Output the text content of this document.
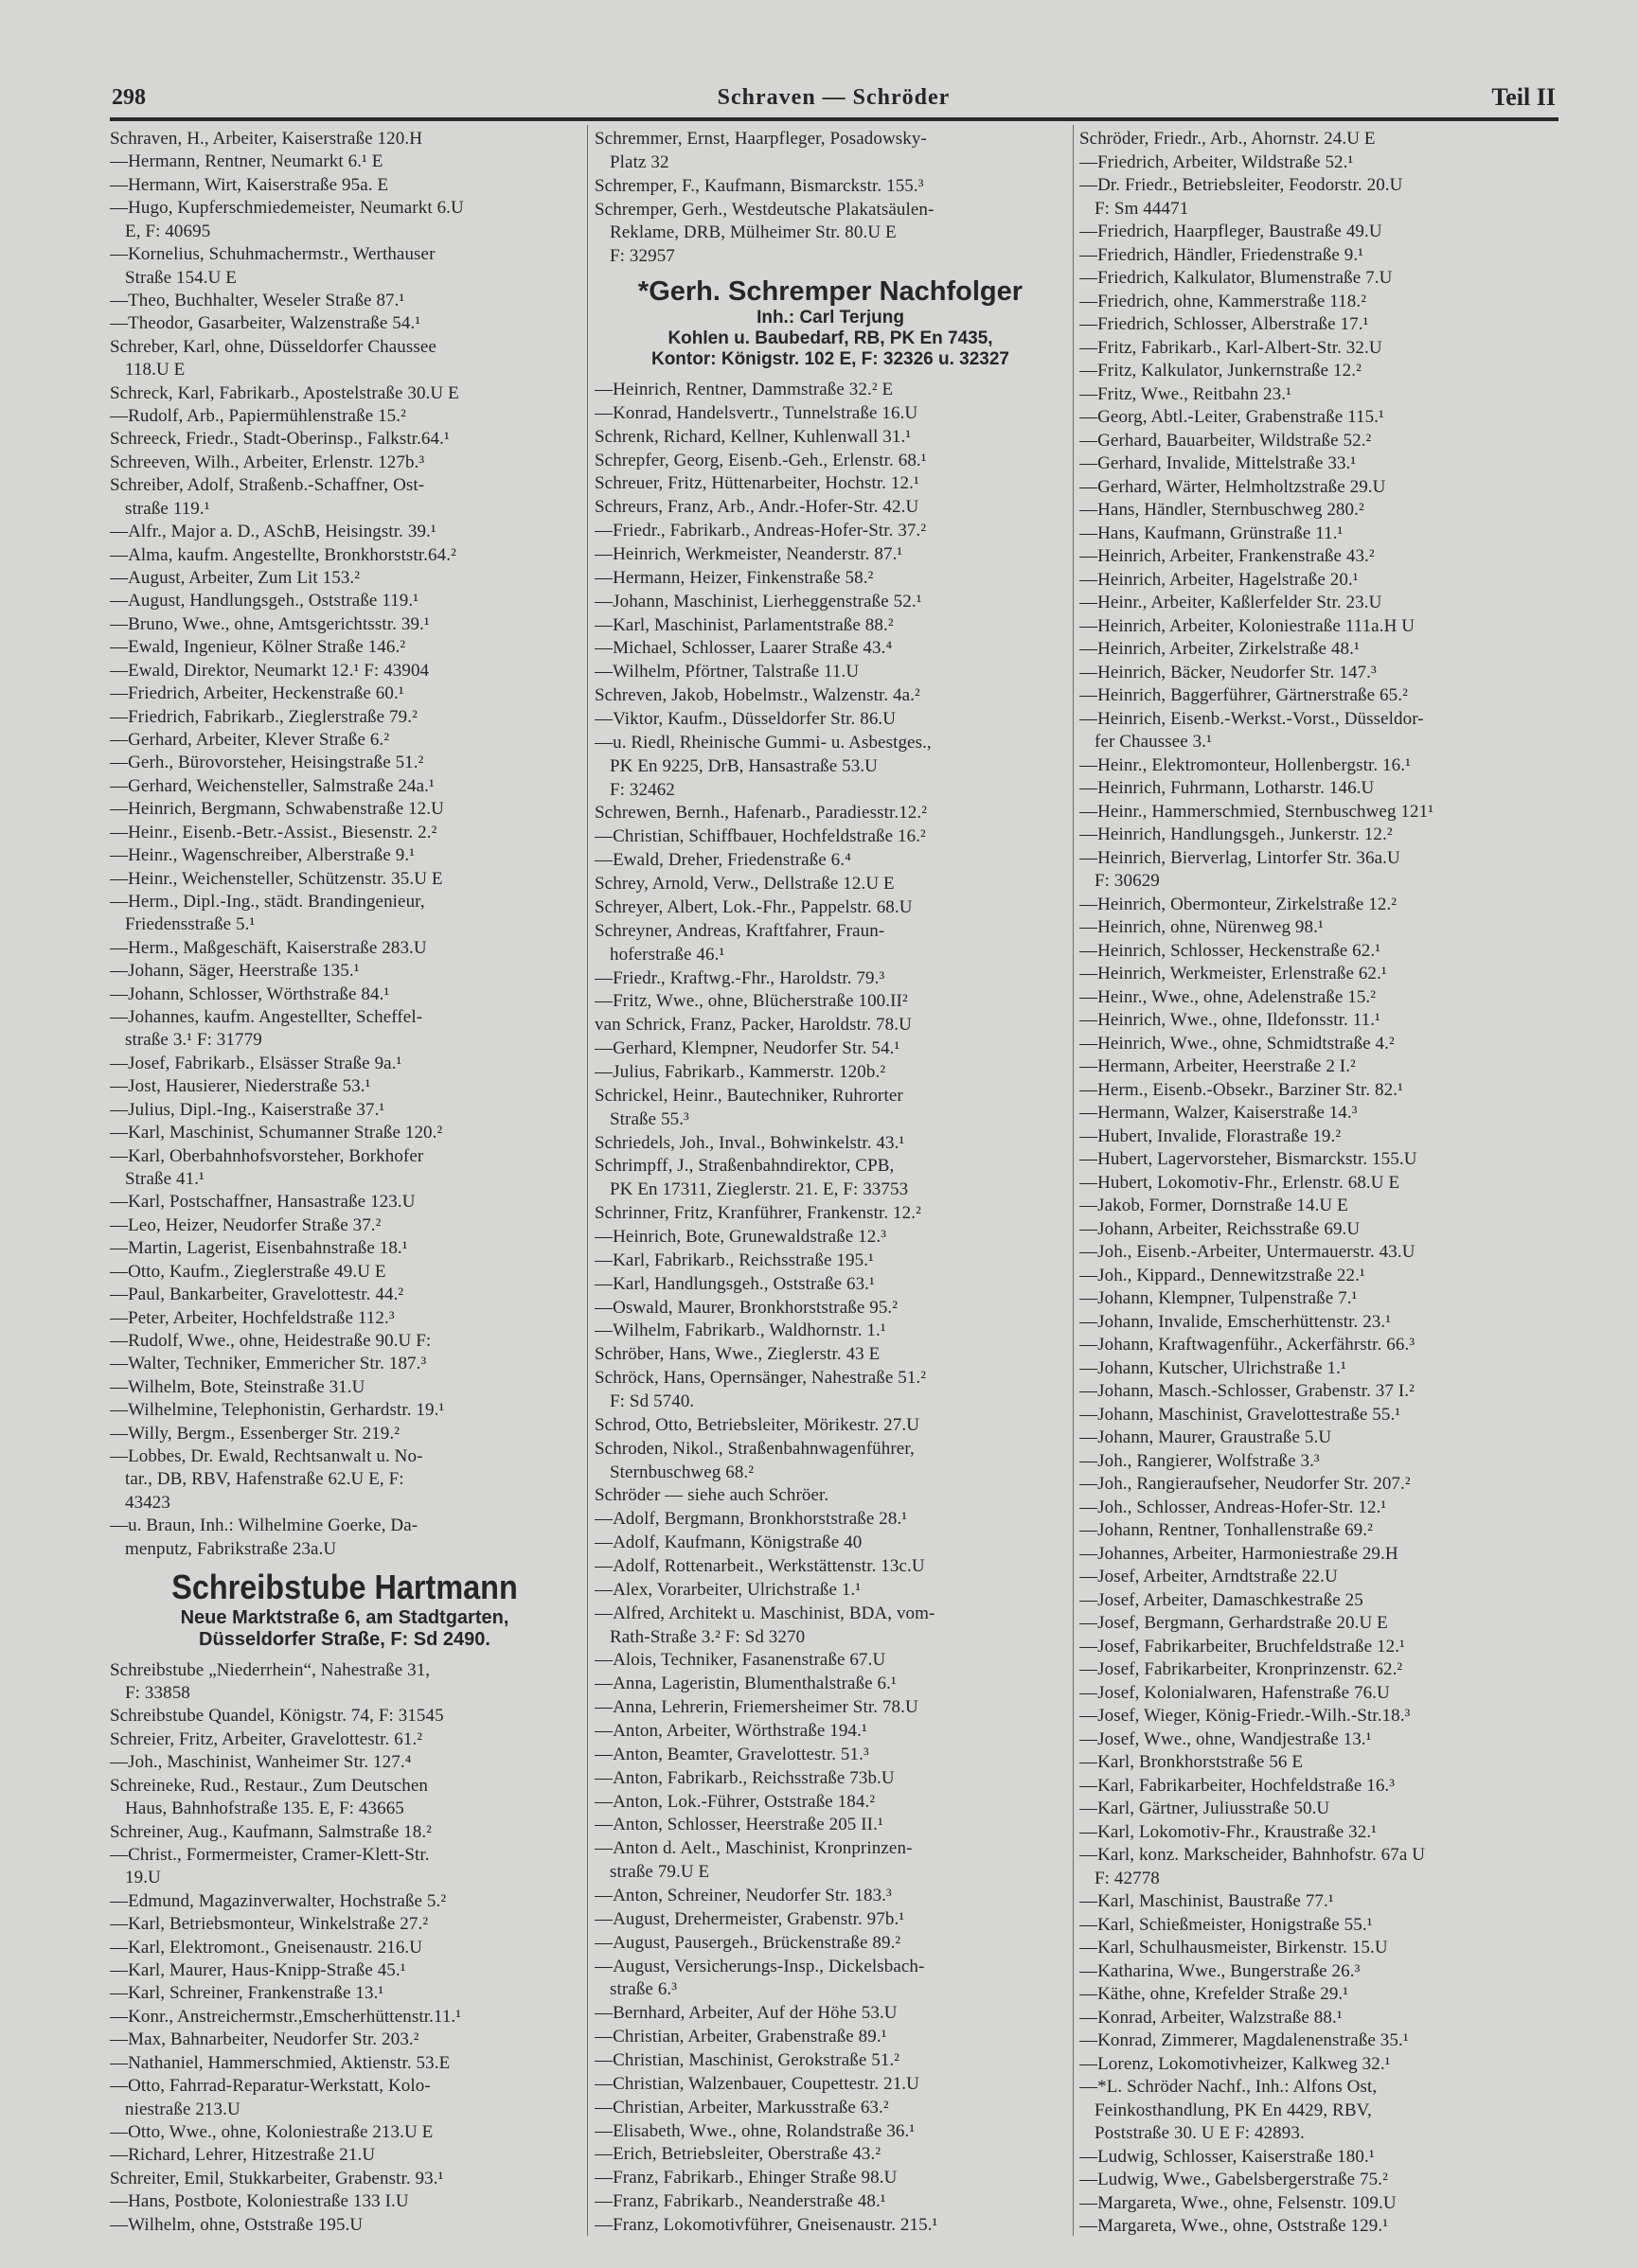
298	Schraven — Schröder	Teil II
Schraven, H., Arbeiter, Kaiserstraße 120.H
—Hermann, Rentner, Neumarkt 6.¹ E
—Hermann, Wirt, Kaiserstraße 95a. E
—Hugo, Kupferschmiedemeister, Neumarkt 6.U
E, F: 40695
—Kornelius, Schuhmachermstr., Werthauser
Straße 154.U E
—Theo, Buchhalter, Weseler Straße 87.¹
—Theodor, Gasarbeiter, Walzenstraße 54.¹
Schreber, Karl, ohne, Düsseldorfer Chaussee
118.U E
Schreck, Karl, Fabrikarb., Apostelstraße 30.U E
—Rudolf, Arb., Papiermühlenstraße 15.²
Schreeck, Friedr., Stadt-Oberinsp., Falkstr.64.¹
Schreeven, Wilh., Arbeiter, Erlenstr. 127b.³
Schreiber, Adolf, Straßenb.-Schaffner, Ost-
straße 119.¹
—Alfr., Major a. D., ASchB, Heisingstr. 39.¹
—Alma, kaufm. Angestellte, Bronkhorststr.64.²
—August, Arbeiter, Zum Lit 153.²
—August, Handlungsgeh., Oststraße 119.¹
—Bruno, Wwe., ohne, Amtsgerichtsstr. 39.¹
—Ewald, Ingenieur, Kölner Straße 146.²
—Ewald, Direktor, Neumarkt 12.¹ F: 43904
—Friedrich, Arbeiter, Heckenstraße 60.¹
—Friedrich, Fabrikarb., Zieglerstraße 79.²
—Gerhard, Arbeiter, Klever Straße 6.²
—Gerh., Bürovorsteher, Heisingstraße 51.²
—Gerhard, Weichensteller, Salmstraße 24a.¹
—Heinrich, Bergmann, Schwabenstraße 12.U
—Heinr., Eisenb.-Betr.-Assist., Biesenstr. 2.²
—Heinr., Wagenschreiber, Alberstraße 9.¹
—Heinr., Weichensteller, Schützenstr. 35.U E
—Herm., Dipl.-Ing., städt. Brandingenieur,
Friedensstraße 5.¹
—Herm., Maßgeschäft, Kaiserstraße 283.U
—Johann, Säger, Heerstraße 135.¹
—Johann, Schlosser, Wörthstraße 84.¹
—Johannes, kaufm. Angestellter, Scheffel-
straße 3.¹ F: 31779
—Josef, Fabrikarb., Elsässer Straße 9a.¹
—Jost, Hausierer, Niederstraße 53.¹
—Julius, Dipl.-Ing., Kaiserstraße 37.¹
—Karl, Maschinist, Schumanner Straße 120.²
—Karl, Oberbahnhofsvorsteher, Borkhofer
Straße 41.¹
—Karl, Postschaffner, Hansastraße 123.U
—Leo, Heizer, Neudorfer Straße 37.²
—Martin, Lagerist, Eisenbahnstraße 18.¹
—Otto, Kaufm., Zieglerstraße 49.U E
—Paul, Bankarbeiter, Gravelottestr. 44.²
—Peter, Arbeiter, Hochfeldstraße 112.³
—Rudolf, Wwe., ohne, Heidestraße 90.U F:
—Walter, Techniker, Emmericher Str. 187.³
—Wilhelm, Bote, Steinstraße 31.U
—Wilhelmine, Telephonistin, Gerhardstr. 19.¹
—Willy, Bergm., Essenberger Str. 219.²
—Lobbes, Dr. Ewald, Rechtsanwalt u. No-
tar., DB, RBV, Hafenstraße 62.U E, F:
43423
—u. Braun, Inh.: Wilhelmine Goerke, Da-
menputz, Fabrikstraße 23a.U
Schreibstube Hartmann
Neue Marktstraße 6, am Stadtgarten,
Düsseldorfer Straße, F: Sd 2490.
Schreibstube „Niederrhein“, Nahestraße 31,
F: 33858
Schreibstube Quandel, Königstr. 74, F: 31545
Schreier, Fritz, Arbeiter, Gravelottestr. 61.²
—Joh., Maschinist, Wanheimer Str. 127.⁴
Schreineke, Rud., Restaur., Zum Deutschen
Haus, Bahnhofstraße 135. E, F: 43665
Schreiner, Aug., Kaufmann, Salmstraße 18.²
—Christ., Formermeister, Cramer-Klett-Str.
19.U
—Edmund, Magazinverwalter, Hochstraße 5.²
—Karl, Betriebsmonteur, Winkelstraße 27.²
—Karl, Elektromont., Gneisenaustr. 216.U
—Karl, Maurer, Haus-Knipp-Straße 45.¹
—Karl, Schreiner, Frankenstraße 13.¹
—Konr., Anstreichermstr.,Emscherhüttenstr.11.¹
—Max, Bahnarbeiter, Neudorfer Str. 203.²
—Nathaniel, Hammerschmied, Aktienstr. 53.E
—Otto, Fahrrad-Reparatur-Werkstatt, Kolo-
niestraße 213.U
—Otto, Wwe., ohne, Koloniestraße 213.U E
—Richard, Lehrer, Hitzestraße 21.U
Schreiter, Emil, Stukkarbeiter, Grabenstr. 93.¹
—Hans, Postbote, Koloniestraße 133 I.U
—Wilhelm, ohne, Oststraße 195.U
Schremmer, Ernst, Haarpfleger, Posadowsky-
Platz 32
Schremper, F., Kaufmann, Bismarckstr. 155.³
Schremper, Gerh., Westdeutsche Plakatsäulen-
Reklame, DRB, Mülheimer Str. 80.U E
F: 32957
*Gerh. Schremper Nachfolger
Inh.: Carl Terjung
Kohlen u. Baubedarf, RB, PK En 7435,
Kontor: Königstr. 102 E, F: 32326 u. 32327
—Heinrich, Rentner, Dammstraße 32.² E
—Konrad, Handelsvertr., Tunnelstraße 16.U
Schrenk, Richard, Kellner, Kuhlenwall 31.¹
Schrepfer, Georg, Eisenb.-Geh., Erlenstr. 68.¹
Schreuer, Fritz, Hüttenarbeiter, Hochstr. 12.¹
Schreurs, Franz, Arb., Andr.-Hofer-Str. 42.U
—Friedr., Fabrikarb., Andreas-Hofer-Str. 37.²
—Heinrich, Werkmeister, Neanderstr. 87.¹
—Hermann, Heizer, Finkenstraße 58.²
—Johann, Maschinist, Lierheggenstraße 52.¹
—Karl, Maschinist, Parlamentstraße 88.²
—Michael, Schlosser, Laarer Straße 43.⁴
—Wilhelm, Pförtner, Talstraße 11.U
Schreven, Jakob, Hobelmstr., Walzenstr. 4a.²
—Viktor, Kaufm., Düsseldorfer Str. 86.U
—u. Riedl, Rheinische Gummi- u. Asbestges.,
PK En 9225, DrB, Hansastraße 53.U
F: 32462
Schrewen, Bernh., Hafenarb., Paradiesstr.12.²
—Christian, Schiffbauer, Hochfeldstraße 16.²
—Ewald, Dreher, Friedenstraße 6.⁴
Schrey, Arnold, Verw., Dellstraße 12.U E
Schreyer, Albert, Lok.-Fhr., Pappelstr. 68.U
Schreyner, Andreas, Kraftfahrer, Fraun-
hoferstraße 46.¹
—Friedr., Kraftwg.-Fhr., Haroldstr. 79.³
—Fritz, Wwe., ohne, Blücherstraße 100.II²
van Schrick, Franz, Packer, Haroldstr. 78.U
—Gerhard, Klempner, Neudorfer Str. 54.¹
—Julius, Fabrikarb., Kammerstr. 120b.²
Schrickel, Heinr., Bautechniker, Ruhrorter
Straße 55.³
Schriedels, Joh., Inval., Bohwinkelstr. 43.¹
Schrimpff, J., Straßenbahndirektor, CPB,
PK En 17311, Zieglerstr. 21. E, F: 33753
Schrinner, Fritz, Kranführer, Frankenstr. 12.²
—Heinrich, Bote, Grunewaldstraße 12.³
—Karl, Fabrikarb., Reichsstraße 195.¹
—Karl, Handlungsgeh., Oststraße 63.¹
—Oswald, Maurer, Bronkhorststraße 95.²
—Wilhelm, Fabrikarb., Waldhornstr. 1.¹
Schröber, Hans, Wwe., Zieglerstr. 43 E
Schröck, Hans, Opernsänger, Nahestraße 51.²
F: Sd 5740.
Schrod, Otto, Betriebsleiter, Mörikestr. 27.U
Schroden, Nikol., Straßenbahnwagenführer,
Sternbuschweg 68.²
Schröder — siehe auch Schröer.
—Adolf, Bergmann, Bronkhorststraße 28.¹
—Adolf, Kaufmann, Königstraße 40
—Adolf, Rottenarbeit., Werkstättenstr. 13c.U
—Alex, Vorarbeiter, Ulrichstraße 1.¹
—Alfred, Architekt u. Maschinist, BDA, vom-
Rath-Straße 3.² F: Sd 3270
—Alois, Techniker, Fasanenstraße 67.U
—Anna, Lageristin, Blumenthalstraße 6.¹
—Anna, Lehrerin, Friemersheimer Str. 78.U
—Anton, Arbeiter, Wörthstraße 194.¹
—Anton, Beamter, Gravelottestr. 51.³
—Anton, Fabrikarb., Reichsstraße 73b.U
—Anton, Lok.-Führer, Oststraße 184.²
—Anton, Schlosser, Heerstraße 205 II.¹
—Anton d. Aelt., Maschinist, Kronprinzen-
straße 79.U E
—Anton, Schreiner, Neudorfer Str. 183.³
—August, Drehermeister, Grabenstr. 97b.¹
—August, Pausergeh., Brückenstraße 89.²
—August, Versicherungs-Insp., Dickelsbach-
straße 6.³
—Bernhard, Arbeiter, Auf der Höhe 53.U
—Christian, Arbeiter, Grabenstraße 89.¹
—Christian, Maschinist, Gerokstraße 51.²
—Christian, Walzenbauer, Coupettestr. 21.U
—Christian, Arbeiter, Markusstraße 63.²
—Elisabeth, Wwe., ohne, Rolandstraße 36.¹
—Erich, Betriebsleiter, Oberstraße 43.²
—Franz, Fabrikarb., Ehinger Straße 98.U
—Franz, Fabrikarb., Neanderstraße 48.¹
—Franz, Lokomotivführer, Gneisenaustr. 215.¹
Schröder, Friedr., Arb., Ahornstr. 24.U E
—Friedrich, Arbeiter, Wildstraße 52.¹
—Dr. Friedr., Betriebsleiter, Feodorstr. 20.U
F: Sm 44471
—Friedrich, Haarpfleger, Baustraße 49.U
—Friedrich, Händler, Friedenstraße 9.¹
—Friedrich, Kalkulator, Blumenstraße 7.U
—Friedrich, ohne, Kammerstraße 118.²
—Friedrich, Schlosser, Alberstraße 17.¹
—Fritz, Fabrikarb., Karl-Albert-Str. 32.U
—Fritz, Kalkulator, Junkernstraße 12.²
—Fritz, Wwe., Reitbahn 23.¹
—Georg, Abtl.-Leiter, Grabenstraße 115.¹
—Gerhard, Bauarbeiter, Wildstraße 52.²
—Gerhard, Invalide, Mittelstraße 33.¹
—Gerhard, Wärter, Helmholtzstraße 29.U
—Hans, Händler, Sternbuschweg 280.²
—Hans, Kaufmann, Grünstraße 11.¹
—Heinrich, Arbeiter, Frankenstraße 43.²
—Heinrich, Arbeiter, Hagelstraße 20.¹
—Heinr., Arbeiter, Kaßlerfelder Str. 23.U
—Heinrich, Arbeiter, Koloniestraße 111a.H U
—Heinrich, Arbeiter, Zirkelstraße 48.¹
—Heinrich, Bäcker, Neudorfer Str. 147.³
—Heinrich, Baggerführer, Gärtnerstraße 65.²
—Heinrich, Eisenb.-Werkst.-Vorst., Düsseldor-
fer Chaussee 3.¹
—Heinr., Elektromonteur, Hollenbergstr. 16.¹
—Heinrich, Fuhrmann, Lotharstr. 146.U
—Heinr., Hammerschmied, Sternbuschweg 121¹
—Heinrich, Handlungsgeh., Junkerstr. 12.²
—Heinrich, Bierverlag, Lintorfer Str. 36a.U
F: 30629
—Heinrich, Obermonteur, Zirkelstraße 12.²
—Heinrich, ohne, Nürenweg 98.¹
—Heinrich, Schlosser, Heckenstraße 62.¹
—Heinrich, Werkmeister, Erlenstraße 62.¹
—Heinr., Wwe., ohne, Adelenstraße 15.²
—Heinrich, Wwe., ohne, Ildefonsstr. 11.¹
—Heinrich, Wwe., ohne, Schmidtstraße 4.²
—Hermann, Arbeiter, Heerstraße 2 I.²
—Herm., Eisenb.-Obsekr., Barziner Str. 82.¹
—Hermann, Walzer, Kaiserstraße 14.³
—Hubert, Invalide, Florastraße 19.²
—Hubert, Lagervorsteher, Bismarckstr. 155.U
—Hubert, Lokomotiv-Fhr., Erlenstr. 68.U E
—Jakob, Former, Dornstraße 14.U E
—Johann, Arbeiter, Reichsstraße 69.U
—Joh., Eisenb.-Arbeiter, Untermauerstr. 43.U
—Joh., Kippard., Dennewitzstraße 22.¹
—Johann, Klempner, Tulpenstraße 7.¹
—Johann, Invalide, Emscherhüttenstr. 23.¹
—Johann, Kraftwagenführ., Ackerfährstr. 66.³
—Johann, Kutscher, Ulrichstraße 1.¹
—Johann, Masch.-Schlosser, Grabenstr. 37 I.²
—Johann, Maschinist, Gravelottestraße 55.¹
—Johann, Maurer, Graustraße 5.U
—Joh., Rangierer, Wolfstraße 3.³
—Joh., Rangieraufseher, Neudorfer Str. 207.²
—Joh., Schlosser, Andreas-Hofer-Str. 12.¹
—Johann, Rentner, Tonhallenstraße 69.²
—Johannes, Arbeiter, Harmoniestraße 29.H
—Josef, Arbeiter, Arndtstraße 22.U
—Josef, Arbeiter, Damaschkestraße 25
—Josef, Bergmann, Gerhardstraße 20.U E
—Josef, Fabrikarbeiter, Bruchfeldstraße 12.¹
—Josef, Fabrikarbeiter, Kronprinzenstr. 62.²
—Josef, Kolonialwaren, Hafenstraße 76.U
—Josef, Wieger, König-Friedr.-Wilh.-Str.18.³
—Josef, Wwe., ohne, Wandjestraße 13.¹
—Karl, Bronkhorststraße 56 E
—Karl, Fabrikarbeiter, Hochfeldstraße 16.³
—Karl, Gärtner, Juliusstraße 50.U
—Karl, Lokomotiv-Fhr., Kraustraße 32.¹
—Karl, konz. Markscheider, Bahnhofstr. 67a U
F: 42778
—Karl, Maschinist, Baustraße 77.¹
—Karl, Schießmeister, Honigstraße 55.¹
—Karl, Schulhausmeister, Birkenstr. 15.U
—Katharina, Wwe., Bungerstraße 26.³
—Käthe, ohne, Krefelder Straße 29.¹
—Konrad, Arbeiter, Walzstraße 88.¹
—Konrad, Zimmerer, Magdalenenstraße 35.¹
—Lorenz, Lokomotivheizer, Kalkweg 32.¹
—*L. Schröder Nachf., Inh.: Alfons Ost,
Feinkosthandlung, PK En 4429, RBV,
Poststraße 30. U E F: 42893.
—Ludwig, Schlosser, Kaiserstraße 180.¹
—Ludwig, Wwe., Gabelsbergerstraße 75.²
—Margareta, Wwe., ohne, Felsenstr. 109.U
—Margareta, Wwe., ohne, Oststraße 129.¹
